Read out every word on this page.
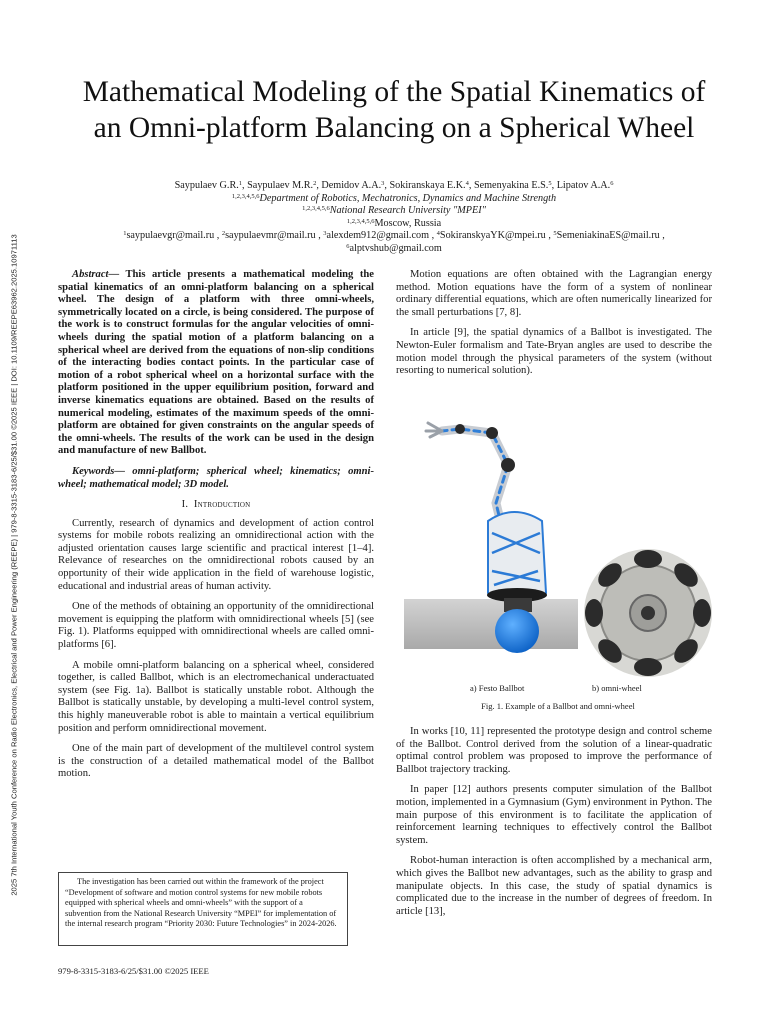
2025 7th International Youth Conference on Radio Electronics, Electrical and Power Engineering (REEPE) | 979-8-3315-3183-6/25/$31.00 ©2025 IEEE | DOI: 10.1109/REEPE63962.2025.10971113
Mathematical Modeling of the Spatial Kinematics of
an Omni-platform Balancing on a Spherical Wheel
Saypulaev G.R.$^1$, Saypulaev M.R.$^2$, Demidov A.A.$^3$, Sokiranskaya E.K.$^4$, Semenyakina E.S.$^5$, Lipatov A.A.$^6$
$^{1,2,3,4,5,6}$Department of Robotics, Mechatronics, Dynamics and Machine Strength
$^{1,2,3,4,5,6}$National Research University "MPEI"
$^{1,2,3,4,5,6}$Moscow, Russia
$^1$saypulaevgr@mail.ru , $^2$saypulaevmr@mail.ru , $^3$alexdem912@gmail.com , $^4$SokiranskyaYK@mpei.ru , $^5$SemeniakinaES@mail.ru ,
$^6$alptvshub@gmail.com

Abstract— This article presents a mathematical modeling the spatial kinematics of an omni-platform balancing on a spherical wheel. The design of a platform with three omni-wheels, symmetrically located on a circle, is being considered. The purpose of the work is to construct formulas for the angular velocities of omni-wheels during the spatial motion of a platform balancing on a spherical wheel are derived from the equations of non-slip conditions of the interacting bodies contact points. In the particular case of motion of a robot spherical wheel on a horizontal surface with the platform positioned in the upper equilibrium position, forward and inverse kinematics equations are obtained. Based on the results of numerical modeling, estimates of the maximum speeds of the omni-platform are obtained for given constraints on the angular speeds of the omni-wheels. The results of the work can be used in the design and manufacture of new Ballbot.

Keywords— omni-platform; spherical wheel; kinematics; omni-wheel; mathematical model; 3D model.

I. Introduction

Currently, research of dynamics and development of action control systems for mobile robots realizing an omnidirectional action with the adjusted orientation causes large scientific and practical interest [1–4]. Relevance of researches on the omnidirectional robots caused by an opportunity of their wide application in the field of warehouse logistic, educational and industrial areas of human activity.

One of the methods of obtaining an opportunity of the omnidirectional movement is equipping the platform with omnidirectional wheels [5] (see Fig. 1). Platforms equipped with omnidirectional wheels are called omni-platforms [6].

A mobile omni-platform balancing on a spherical wheel, considered together, is called Ballbot, which is an electromechanical underactuated system (see Fig. 1a). Ballbot is statically unstable robot. Although the Ballbot is statically unstable, by developing a multi-level control system, this highly maneuverable robot is able to maintain a vertical equilibrium position and perform omnidirectional movement.

One of the main part of development of the multilevel control system is the construction of a detailed mathematical model of the Ballbot motion.

Motion equations are often obtained with the Lagrangian energy method. Motion equations have the form of a system of nonlinear ordinary differential equations, which are often numerically linearized for the small perturbations [7, 8].

In article [9], the spatial dynamics of a Ballbot is investigated. The Newton-Euler formalism and Tate-Bryan angles are used to describe the motion model through the physical parameters of the system (without resorting to numerical solution).

a) Festo Ballbot	b) omni-wheel
Fig. 1. Example of a Ballbot and omni-wheel

In works [10, 11] represented the prototype design and control scheme of the Ballbot. Control derived from the solution of a linear-quadratic optimal control problem was proposed to improve the performance of Ballbot trajectory tracking.

In paper [12] authors presents computer simulation of the Ballbot motion, implemented in a Gymnasium (Gym) environment in Python. The main purpose of this environment is to facilitate the application of reinforcement learning techniques to effectively control the Ballbot system.

Robot-human interaction is often accomplished by a mechanical arm, which gives the Ballbot new advantages, such as the ability to grasp and manipulate objects. In this case, the study of spatial dynamics is complicated due to the increase in the number of degrees of freedom. In article [13],

The investigation has been carried out within the framework of the project “Development of software and motion control systems for new mobile robots equipped with spherical wheels and omni-wheels” with the support of a subvention from the National Research University “MPEI” for implementation of the internal research program “Priority 2030: Future Technologies” in 2024-2026.
979-8-3315-3183-6/25/$31.00 ©2025 IEEE
